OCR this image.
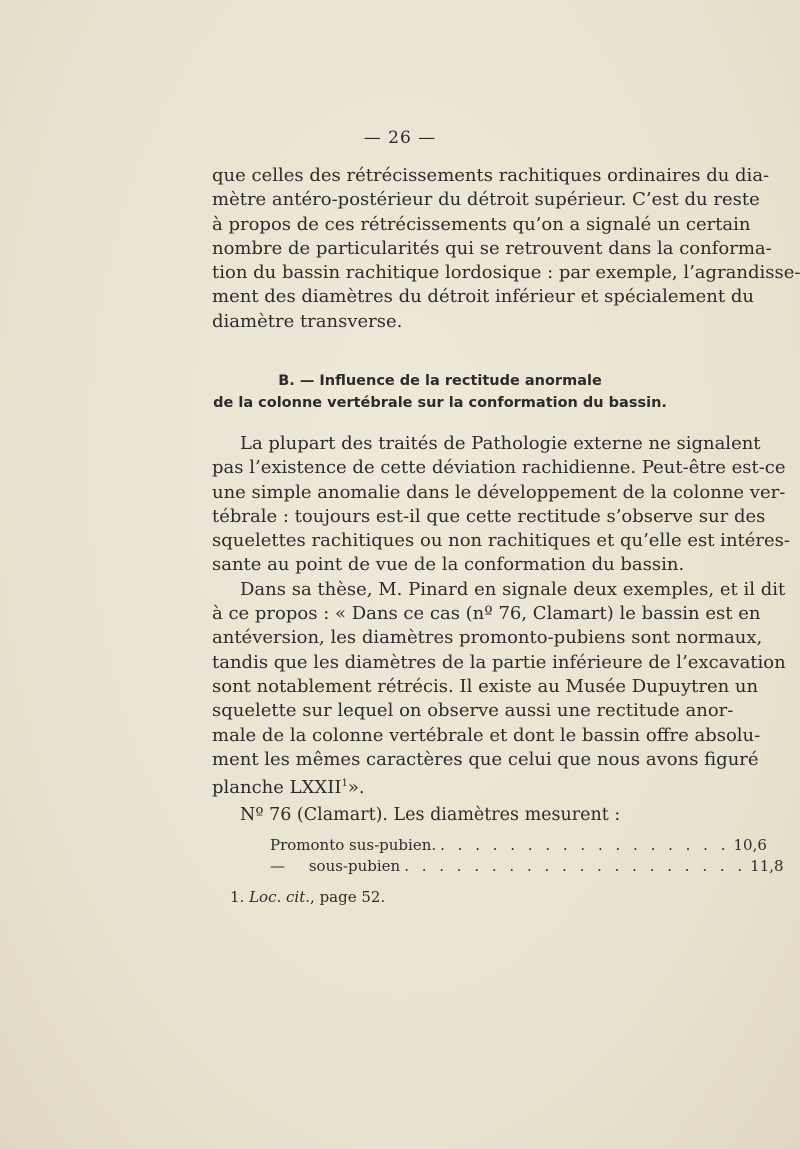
— 26 —
que celles des rétrécissements rachitiques ordinaires du dia-
mètre antéro-postérieur du détroit supérieur. C’est du reste
à propos de ces rétrécissements qu’on a signalé un certain
nombre de particularités qui se retrouvent dans la conforma-
tion du bassin rachitique lordosique : par exemple, l’agrandisse-
ment des diamètres du détroit inférieur et spécialement du
diamètre transverse.
B. — Influence de la rectitude anormale
de la colonne vertébrale sur la conformation du bassin.
La plupart des traités de Pathologie externe ne signalent
pas l’existence de cette déviation rachidienne. Peut-être est-ce
une simple anomalie dans le développement de la colonne ver-
tébrale : toujours est-il que cette rectitude s’observe sur des
squelettes rachitiques ou non rachitiques et qu’elle est intéres-
sante au point de vue de la conformation du bassin.
Dans sa thèse, M. Pinard en signale deux exemples, et il dit
à ce propos : « Dans ce cas (nº 76, Clamart) le bassin est en
antéversion, les diamètres promonto-pubiens sont normaux,
tandis que les diamètres de la partie inférieure de l’excavation
sont notablement rétrécis. Il existe au Musée Dupuytren un
squelette sur lequel on observe aussi une rectitude anor-
male de la colonne vertébrale et dont le bassin offre absolu-
ment les mêmes caractères que celui que nous avons figuré
planche LXXII$^1$».
Nº 76 (Clamart). Les diamètres mesurent :
Promonto sus-pubien. . . . . . . . . . . . . . . . . . 10,6
—     sous-pubien . . . . . . . . . . . . . . . . . . . . 11,8
1. Loc. cit., page 52.
